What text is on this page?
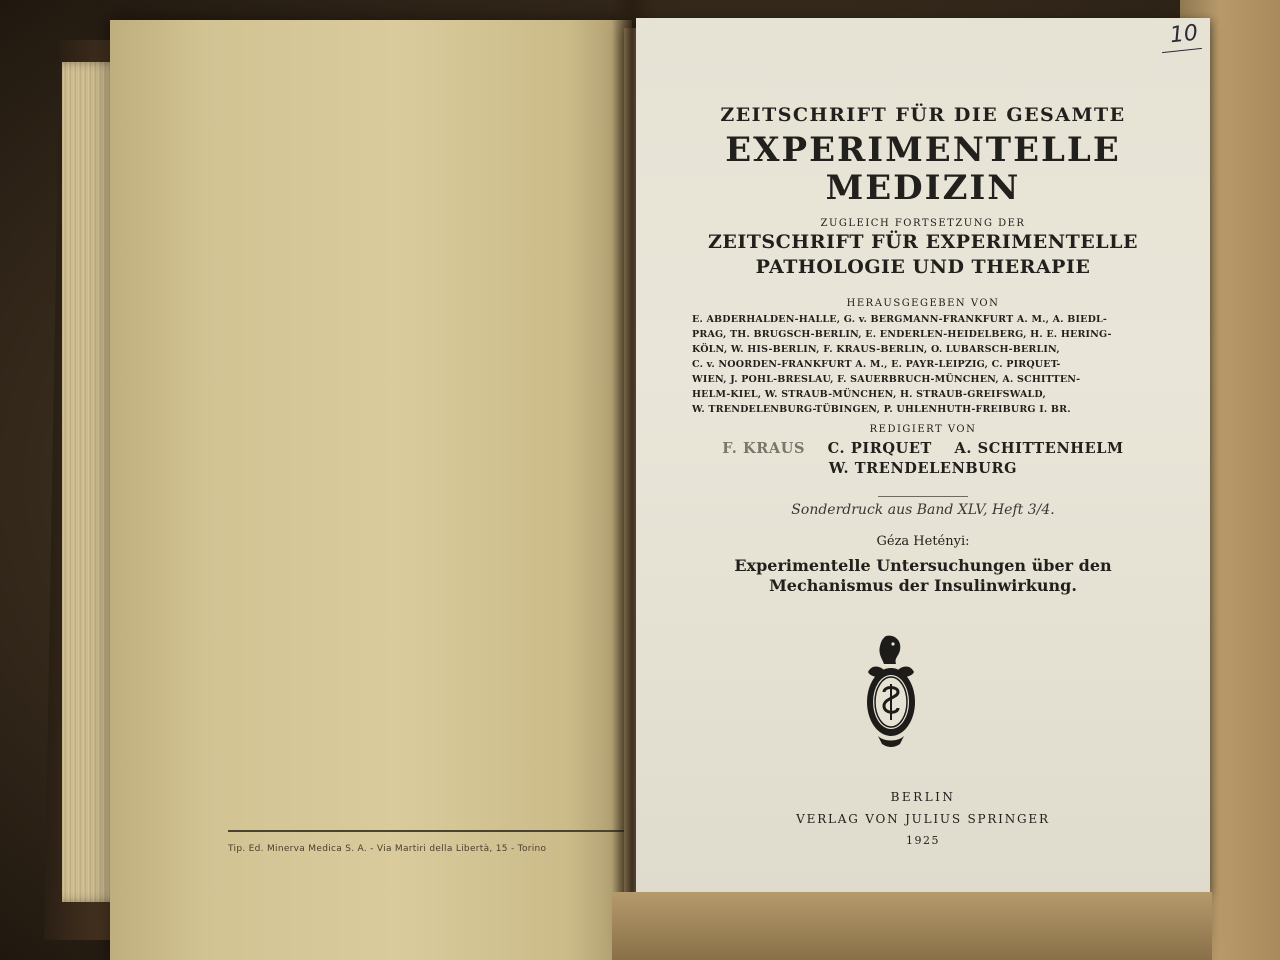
Tip. Ed. Minerva Medica S. A. - Via Martiri della Libertà, 15 - Torino
ZEITSCHRIFT FÜR DIE GESAMTE
EXPERIMENTELLE
MEDIZIN
ZUGLEICH FORTSETZUNG DER
ZEITSCHRIFT FÜR EXPERIMENTELLE
PATHOLOGIE UND THERAPIE
HERAUSGEGEBEN VON
E. ABDERHALDEN-HALLE, G. v. BERGMANN-FRANKFURT A. M., A. BIEDL-
PRAG, TH. BRUGSCH-BERLIN, E. ENDERLEN-HEIDELBERG, H. E. HERING-
KÖLN, W. HIS-BERLIN, F. KRAUS-BERLIN, O. LUBARSCH-BERLIN,
C. v. NOORDEN-FRANKFURT A. M., E. PAYR-LEIPZIG, C. PIRQUET-
WIEN, J. POHL-BRESLAU, F. SAUERBRUCH-MÜNCHEN, A. SCHITTEN-
HELM-KIEL, W. STRAUB-MÜNCHEN, H. STRAUB-GREIFSWALD,
W. TRENDELENBURG-TÜBINGEN, P. UHLENHUTH-FREIBURG I. BR.
REDIGIERT VON
F. KRAUS C. PIRQUET A. SCHITTENHELM
W. TRENDELENBURG
Sonderdruck aus Band XLV, Heft 3/4.
Géza Hetényi:
Experimentelle Untersuchungen über den
Mechanismus der Insulinwirkung.
BERLIN
VERLAG VON JULIUS SPRINGER
1925
10
